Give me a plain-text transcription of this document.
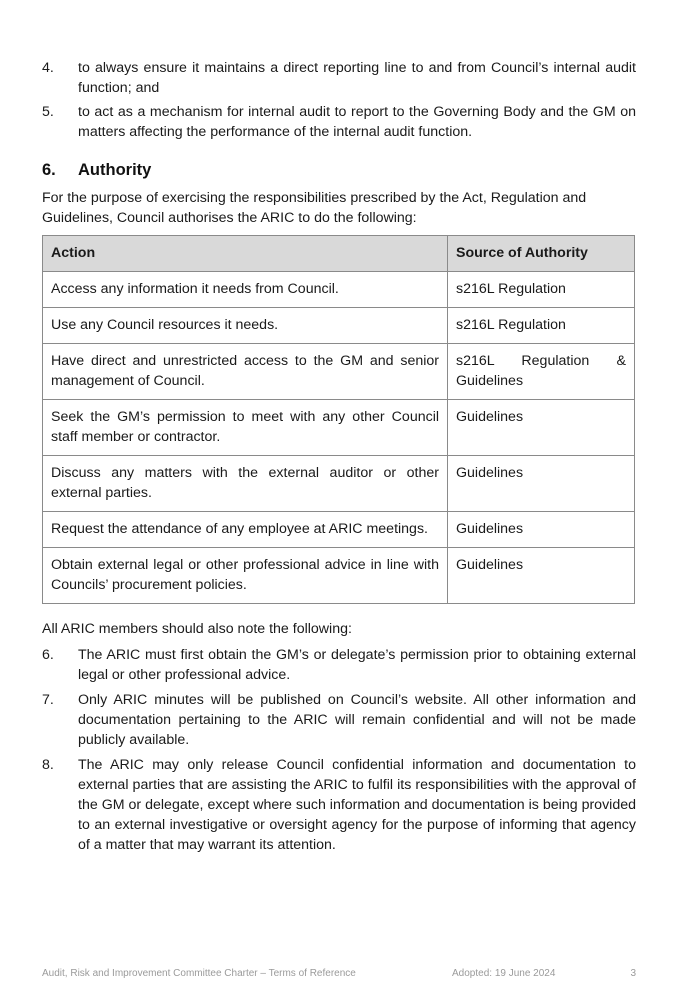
4.	to always ensure it maintains a direct reporting line to and from Council’s internal audit function; and
5.	to act as a mechanism for internal audit to report to the Governing Body and the GM on matters affecting the performance of the internal audit function.
6.	Authority
For the purpose of exercising the responsibilities prescribed by the Act, Regulation and Guidelines, Council authorises the ARIC to do the following:
Action	Source of Authority
Access any information it needs from Council.	s216L Regulation
Use any Council resources it needs.	s216L Regulation
Have direct and unrestricted access to the GM and senior management of Council.	s216L Regulation & Guidelines
Seek the GM’s permission to meet with any other Council staff member or contractor.	Guidelines
Discuss any matters with the external auditor or other external parties.	Guidelines
Request the attendance of any employee at ARIC meetings.	Guidelines
Obtain external legal or other professional advice in line with Councils’ procurement policies.	Guidelines
All ARIC members should also note the following:
6.	The ARIC must first obtain the GM’s or delegate’s permission prior to obtaining external legal or other professional advice.
7.	Only ARIC minutes will be published on Council’s website. All other information and documentation pertaining to the ARIC will remain confidential and will not be made publicly available.
8.	The ARIC may only release Council confidential information and documentation to external parties that are assisting the ARIC to fulfil its responsibilities with the approval of the GM or delegate, except where such information and documentation is being provided to an external investigative or oversight agency for the purpose of informing that agency of a matter that may warrant its attention.
Audit, Risk and Improvement Committee Charter – Terms of Reference	Adopted: 19 June 2024	3
